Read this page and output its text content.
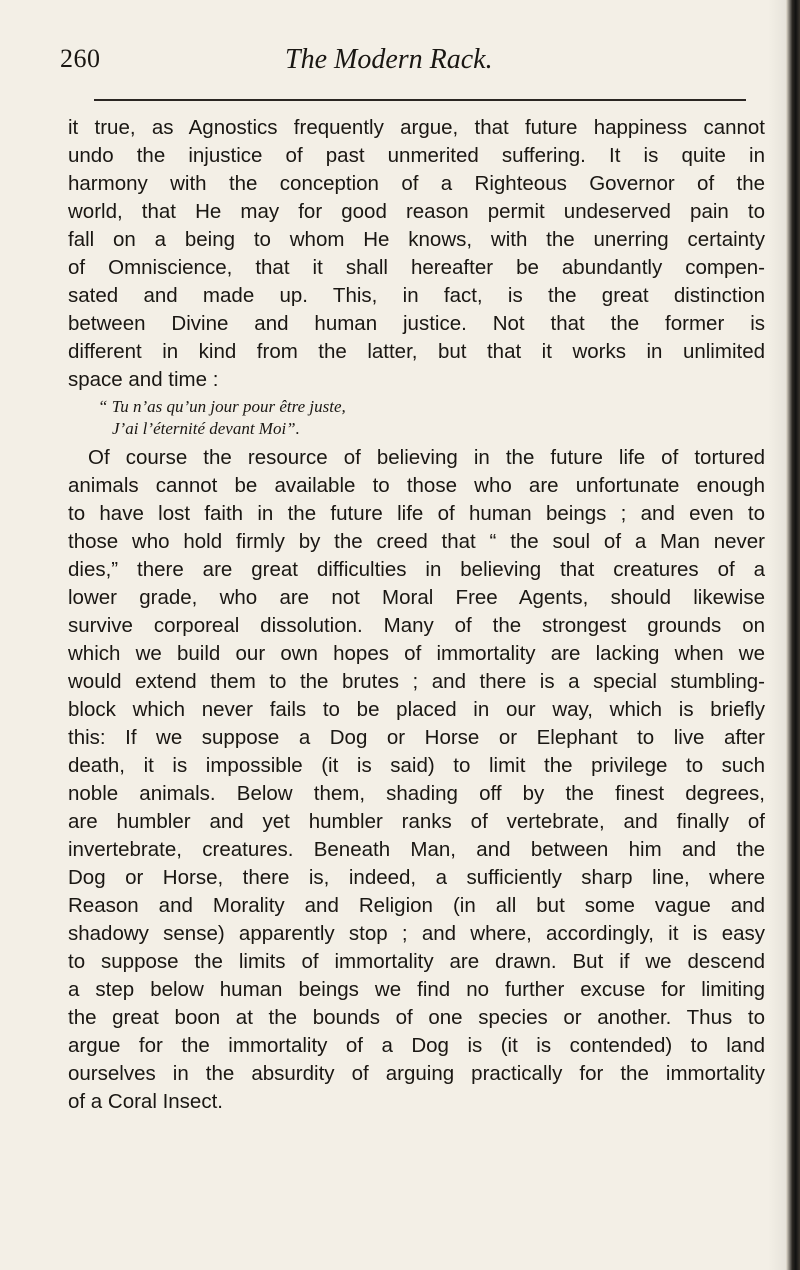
260	The Modern Rack.
it true, as Agnostics frequently argue, that future happiness cannot
undo the injustice of past unmerited suffering. It is quite in
harmony with the conception of a Righteous Governor of the
world, that He may for good reason permit undeserved pain to
fall on a being to whom He knows, with the unerring certainty
of Omniscience, that it shall hereafter be abundantly compen-
sated and made up. This, in fact, is the great distinction
between Divine and human justice. Not that the former is
different in kind from the latter, but that it works in unlimited
space and time :
“ Tu n’as qu’un jour pour être juste,
J’ai l’éternité devant Moi”.
Of course the resource of believing in the future life of tortured
animals cannot be available to those who are unfortunate enough
to have lost faith in the future life of human beings ; and even to
those who hold firmly by the creed that “ the soul of a Man never
dies,” there are great difficulties in believing that creatures of a
lower grade, who are not Moral Free Agents, should likewise
survive corporeal dissolution. Many of the strongest grounds on
which we build our own hopes of immortality are lacking when we
would extend them to the brutes ; and there is a special stumbling-
block which never fails to be placed in our way, which is briefly
this: If we suppose a Dog or Horse or Elephant to live after
death, it is impossible (it is said) to limit the privilege to such
noble animals. Below them, shading off by the finest degrees,
are humbler and yet humbler ranks of vertebrate, and finally of
invertebrate, creatures. Beneath Man, and between him and the
Dog or Horse, there is, indeed, a sufficiently sharp line, where
Reason and Morality and Religion (in all but some vague and
shadowy sense) apparently stop ; and where, accordingly, it is easy
to suppose the limits of immortality are drawn. But if we descend
a step below human beings we find no further excuse for limiting
the great boon at the bounds of one species or another. Thus to
argue for the immortality of a Dog is (it is contended) to land
ourselves in the absurdity of arguing practically for the immortality
of a Coral Insect.
